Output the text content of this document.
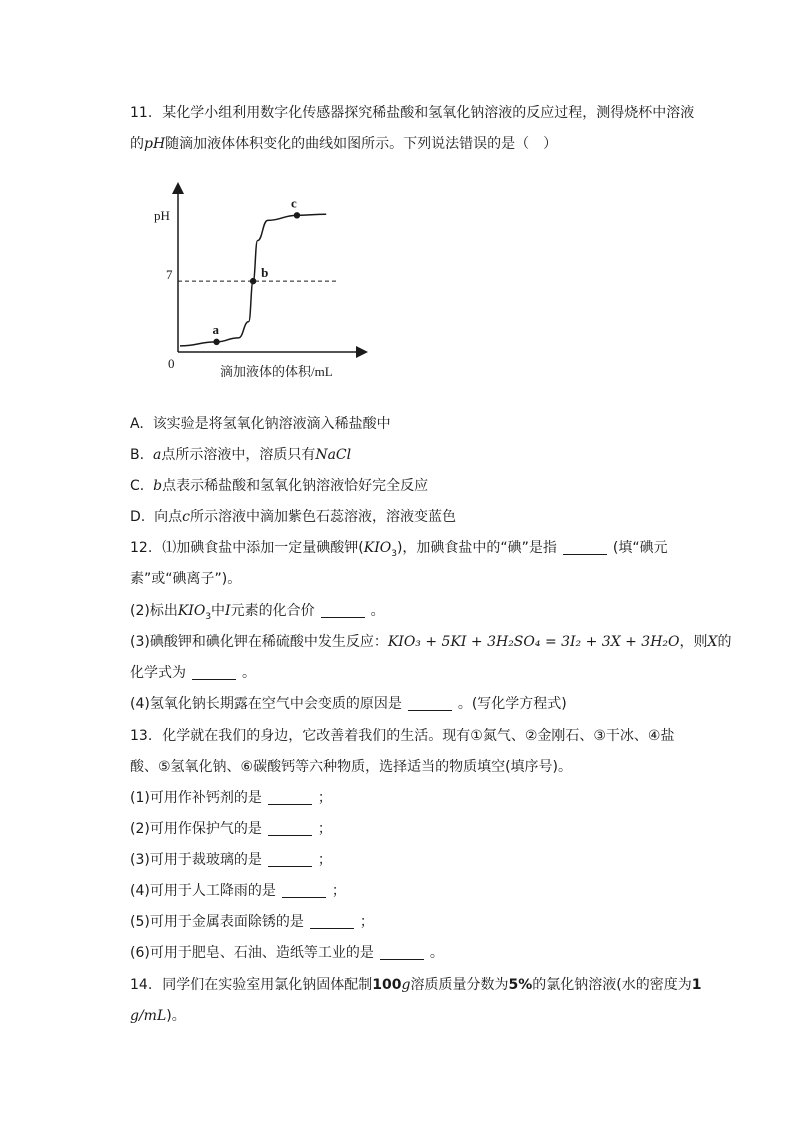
11. 某化学小组利用数字化传感器探究稀盐酸和氢氧化钠溶液的反应过程，测得烧杯中溶液
的pH随滴加液体体积变化的曲线如图所示。下列说法错误的是（　）
pH
0
7
a
b
c
滴加液体的体积/mL
A. 该实验是将氢氧化钠溶液滴入稀盐酸中
B. a点所示溶液中，溶质只有NaCl
C. b点表示稀盐酸和氢氧化钠溶液恰好完全反应
D. 向点c所示溶液中滴加紫色石蕊溶液，溶液变蓝色
12. ⑴加碘食盐中添加一定量碘酸钾$(KIO_3)$，加碘食盐中的“碘”是指	(填“碘元
素”或“碘离子”)。
(2)标出$KIO_3$中I元素的化合价	。
(3)碘酸钾和碘化钾在稀硫酸中发生反应：KIO₃ + 5KI + 3H₂SO₄ = 3I₂ + 3X + 3H₂O，则X的
化学式为	。
(4)氢氧化钠长期露在空气中会变质的原因是	。(写化学方程式)
13. 化学就在我们的身边，它改善着我们的生活。现有①氮气、②金刚石、③干冰、④盐
酸、⑤氢氧化钠、⑥碳酸钙等六种物质，选择适当的物质填空(填序号)。
(1)可用作补钙剂的是	；
(2)可用作保护气的是	；
(3)可用于裁玻璃的是	；
(4)可用于人工降雨的是	；
(5)可用于金属表面除锈的是	；
(6)可用于肥皂、石油、造纸等工业的是	。
14. 同学们在实验室用氯化钠固体配制100g溶质质量分数为5%的氯化钠溶液(水的密度为1
g/mL)。
